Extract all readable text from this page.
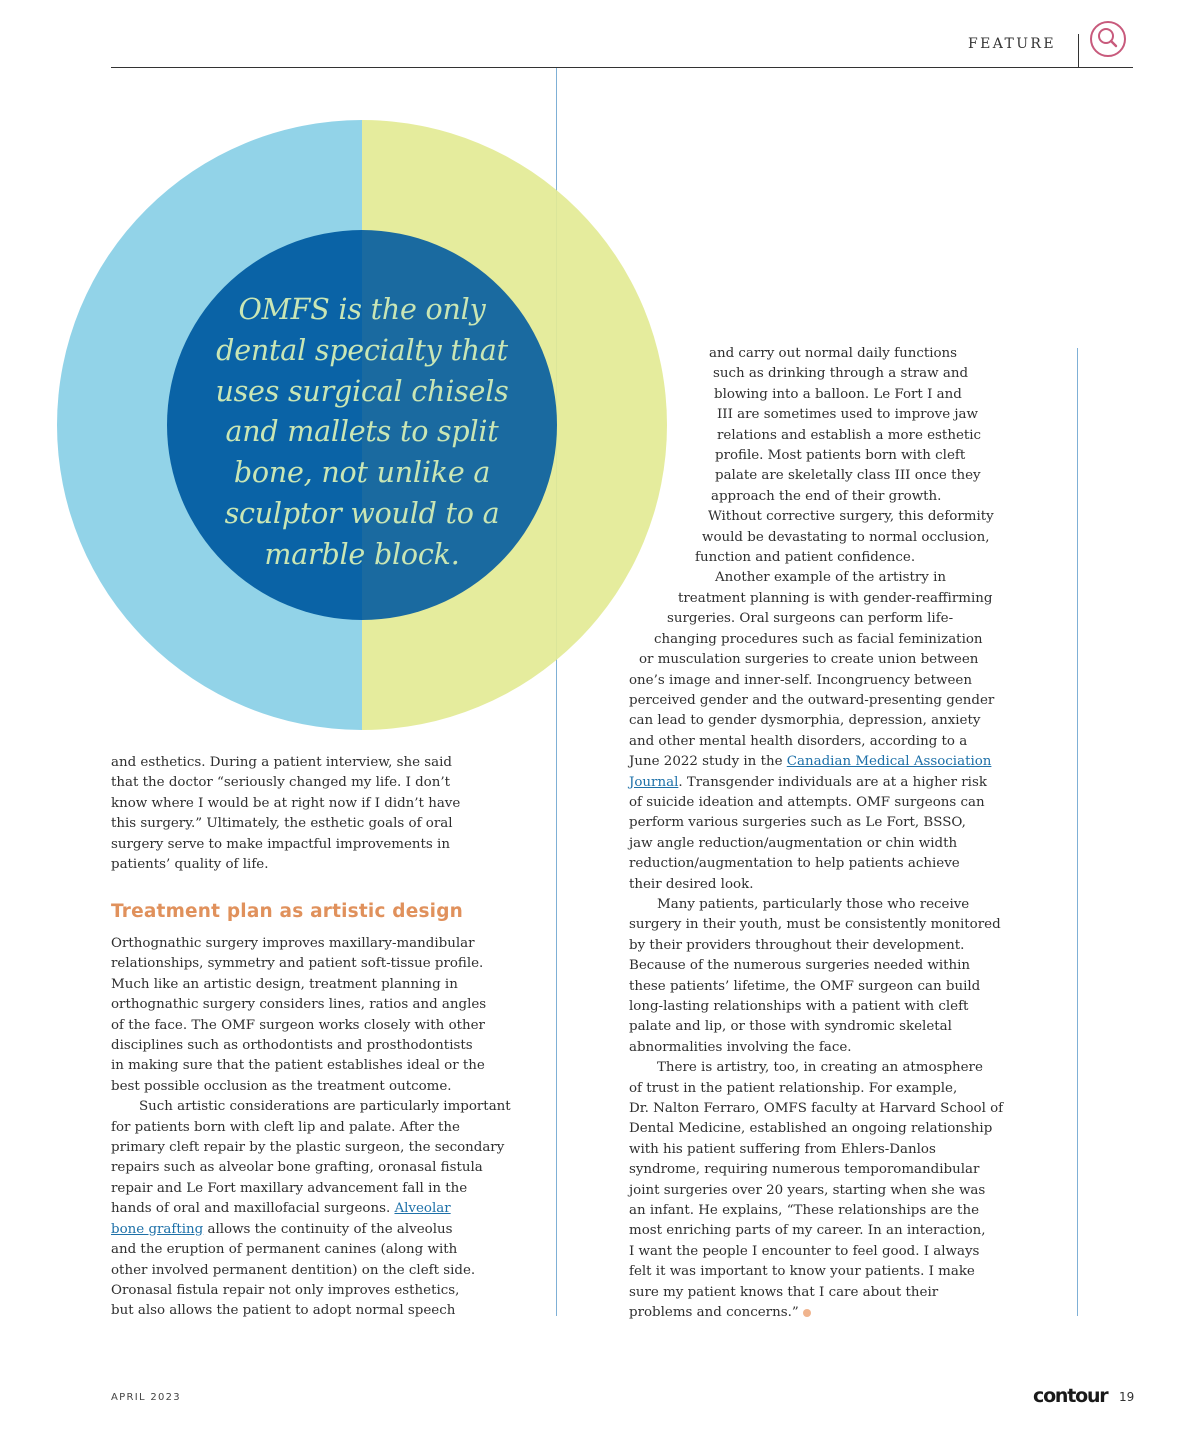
FEATURE
OMFS is the only
dental specialty that
uses surgical chisels
and mallets to split
bone, not unlike a
sculptor would to a
marble block.

and esthetics. During a patient interview, she said

that the doctor “seriously changed my life. I don’t

know where I would be at right now if I didn’t have

this surgery.” Ultimately, the esthetic goals of oral

surgery serve to make impactful improvements in

patients’ quality of life.

Treatment plan as artistic design

Orthognathic surgery improves maxillary-mandibular

relationships, symmetry and patient soft-tissue profile.

Much like an artistic design, treatment planning in

orthognathic surgery considers lines, ratios and angles

of the face. The OMF surgeon works closely with other

disciplines such as orthodontists and prosthodontists

in making sure that the patient establishes ideal or the

best possible occlusion as the treatment outcome.

Such artistic considerations are particularly important

for patients born with cleft lip and palate. After the

primary cleft repair by the plastic surgeon, the secondary

repairs such as alveolar bone grafting, oronasal fistula

repair and Le Fort maxillary advancement fall in the

hands of oral and maxillofacial surgeons. Alveolar

bone grafting allows the continuity of the alveolus

and the eruption of permanent canines (along with

other involved permanent dentition) on the cleft side.

Oronasal fistula repair not only improves esthetics,

but also allows the patient to adopt normal speech

and carry out normal daily functions

such as drinking through a straw and

blowing into a balloon. Le Fort I and

III are sometimes used to improve jaw

relations and establish a more esthetic

profile. Most patients born with cleft

palate are skeletally class III once they

approach the end of their growth.

Without corrective surgery, this deformity

would be devastating to normal occlusion,

function and patient confidence.

Another example of the artistry in

treatment planning is with gender-reaffirming

surgeries. Oral surgeons can perform life-

changing procedures such as facial feminization

or musculation surgeries to create union between

one’s image and inner-self. Incongruency between

perceived gender and the outward-presenting gender

can lead to gender dysmorphia, depression, anxiety

and other mental health disorders, according to a

June 2022 study in the Canadian Medical Association

Journal. Transgender individuals are at a higher risk

of suicide ideation and attempts. OMF surgeons can

perform various surgeries such as Le Fort, BSSO,

jaw angle reduction/augmentation or chin width

reduction/augmentation to help patients achieve

their desired look.

Many patients, particularly those who receive

surgery in their youth, must be consistently monitored

by their providers throughout their development.

Because of the numerous surgeries needed within

these patients’ lifetime, the OMF surgeon can build

long-lasting relationships with a patient with cleft

palate and lip, or those with syndromic skeletal

abnormalities involving the face.

There is artistry, too, in creating an atmosphere

of trust in the patient relationship. For example,

Dr. Nalton Ferraro, OMFS faculty at Harvard School of

Dental Medicine, established an ongoing relationship

with his patient suffering from Ehlers-Danlos

syndrome, requiring numerous temporomandibular

joint surgeries over 20 years, starting when she was

an infant. He explains, “These relationships are the

most enriching parts of my career. In an interaction,

I want the people I encounter to feel good. I always

felt it was important to know your patients. I make

sure my patient knows that I care about their

problems and concerns.”

APRIL 2023	contour 19
